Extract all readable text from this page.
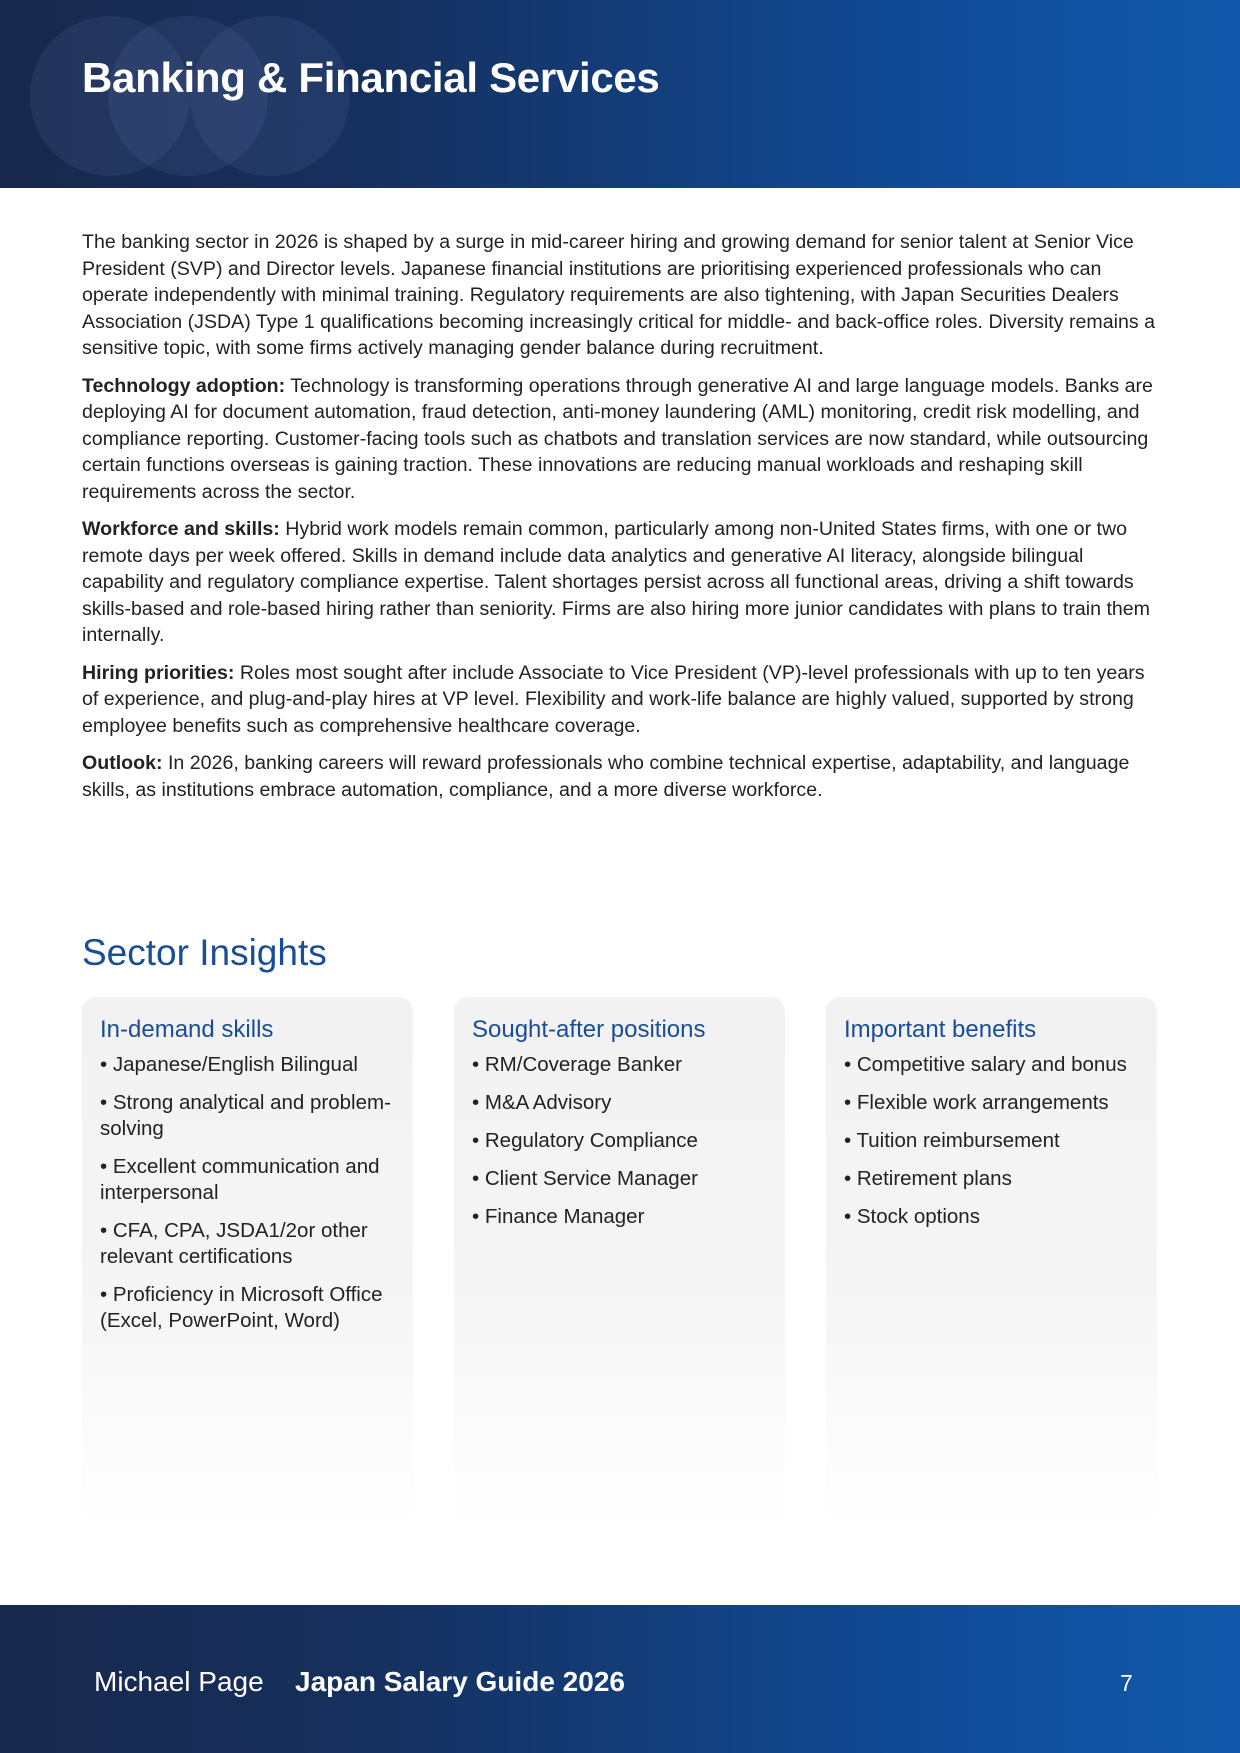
Banking & Financial Services

The banking sector in 2026 is shaped by a surge in mid-career hiring and growing demand for senior talent at Senior Vice President (SVP) and Director levels. Japanese financial institutions are prioritising experienced professionals who can operate independently with minimal training. Regulatory requirements are also tightening, with Japan Securities Dealers Association (JSDA) Type 1 qualifications becoming increasingly critical for middle- and back-office roles. Diversity remains a sensitive topic, with some firms actively managing gender balance during recruitment.

Technology adoption: Technology is transforming operations through generative AI and large language models. Banks are deploying AI for document automation, fraud detection, anti-money laundering (AML) monitoring, credit risk modelling, and compliance reporting. Customer-facing tools such as chatbots and translation services are now standard, while outsourcing certain functions overseas is gaining traction. These innovations are reducing manual workloads and reshaping skill requirements across the sector.

Workforce and skills: Hybrid work models remain common, particularly among non-United States firms, with one or two remote days per week offered. Skills in demand include data analytics and generative AI literacy, alongside bilingual capability and regulatory compliance expertise. Talent shortages persist across all functional areas, driving a shift towards skills-based and role-based hiring rather than seniority. Firms are also hiring more junior candidates with plans to train them internally.

Hiring priorities: Roles most sought after include Associate to Vice President (VP)-level professionals with up to ten years of experience, and plug-and-play hires at VP level. Flexibility and work-life balance are highly valued, supported by strong employee benefits such as comprehensive healthcare coverage.

Outlook: In 2026, banking careers will reward professionals who combine technical expertise, adaptability, and language skills, as institutions embrace automation, compliance, and a more diverse workforce.

Sector Insights
In-demand skills
• Japanese/English Bilingual
• Strong analytical and problem-solving
• Excellent communication and interpersonal
• CFA, CPA, JSDA1/2or other relevant certifications
• Proficiency in Microsoft Office (Excel, PowerPoint, Word)
Sought-after positions
• RM/Coverage Banker
• M&A Advisory
• Regulatory Compliance
• Client Service Manager
• Finance Manager
Important benefits
• Competitive salary and bonus
• Flexible work arrangements
• Tuition reimbursement
• Retirement plans
• Stock options
Michael Page Japan Salary Guide 2026	7
